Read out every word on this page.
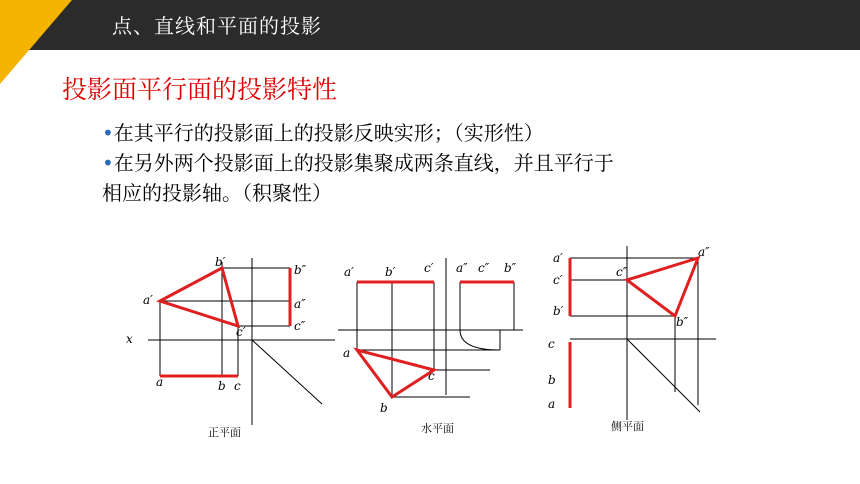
点、直线和平面的投影
投影面平行面的投影特性
•在其平行的投影面上的投影反映实形；（实形性）
•在另外两个投影面上的投影集聚成两条直线，并且平行于
相应的投影轴。（积聚性）
b′
a′
c′
b″
a″
c″
x
a	b c
正平面
a′	b′ c′ a″ c″ b″
a
c
b
水平面
a′
c′
b′
a″
c″
b″
c
b
a
侧平面
